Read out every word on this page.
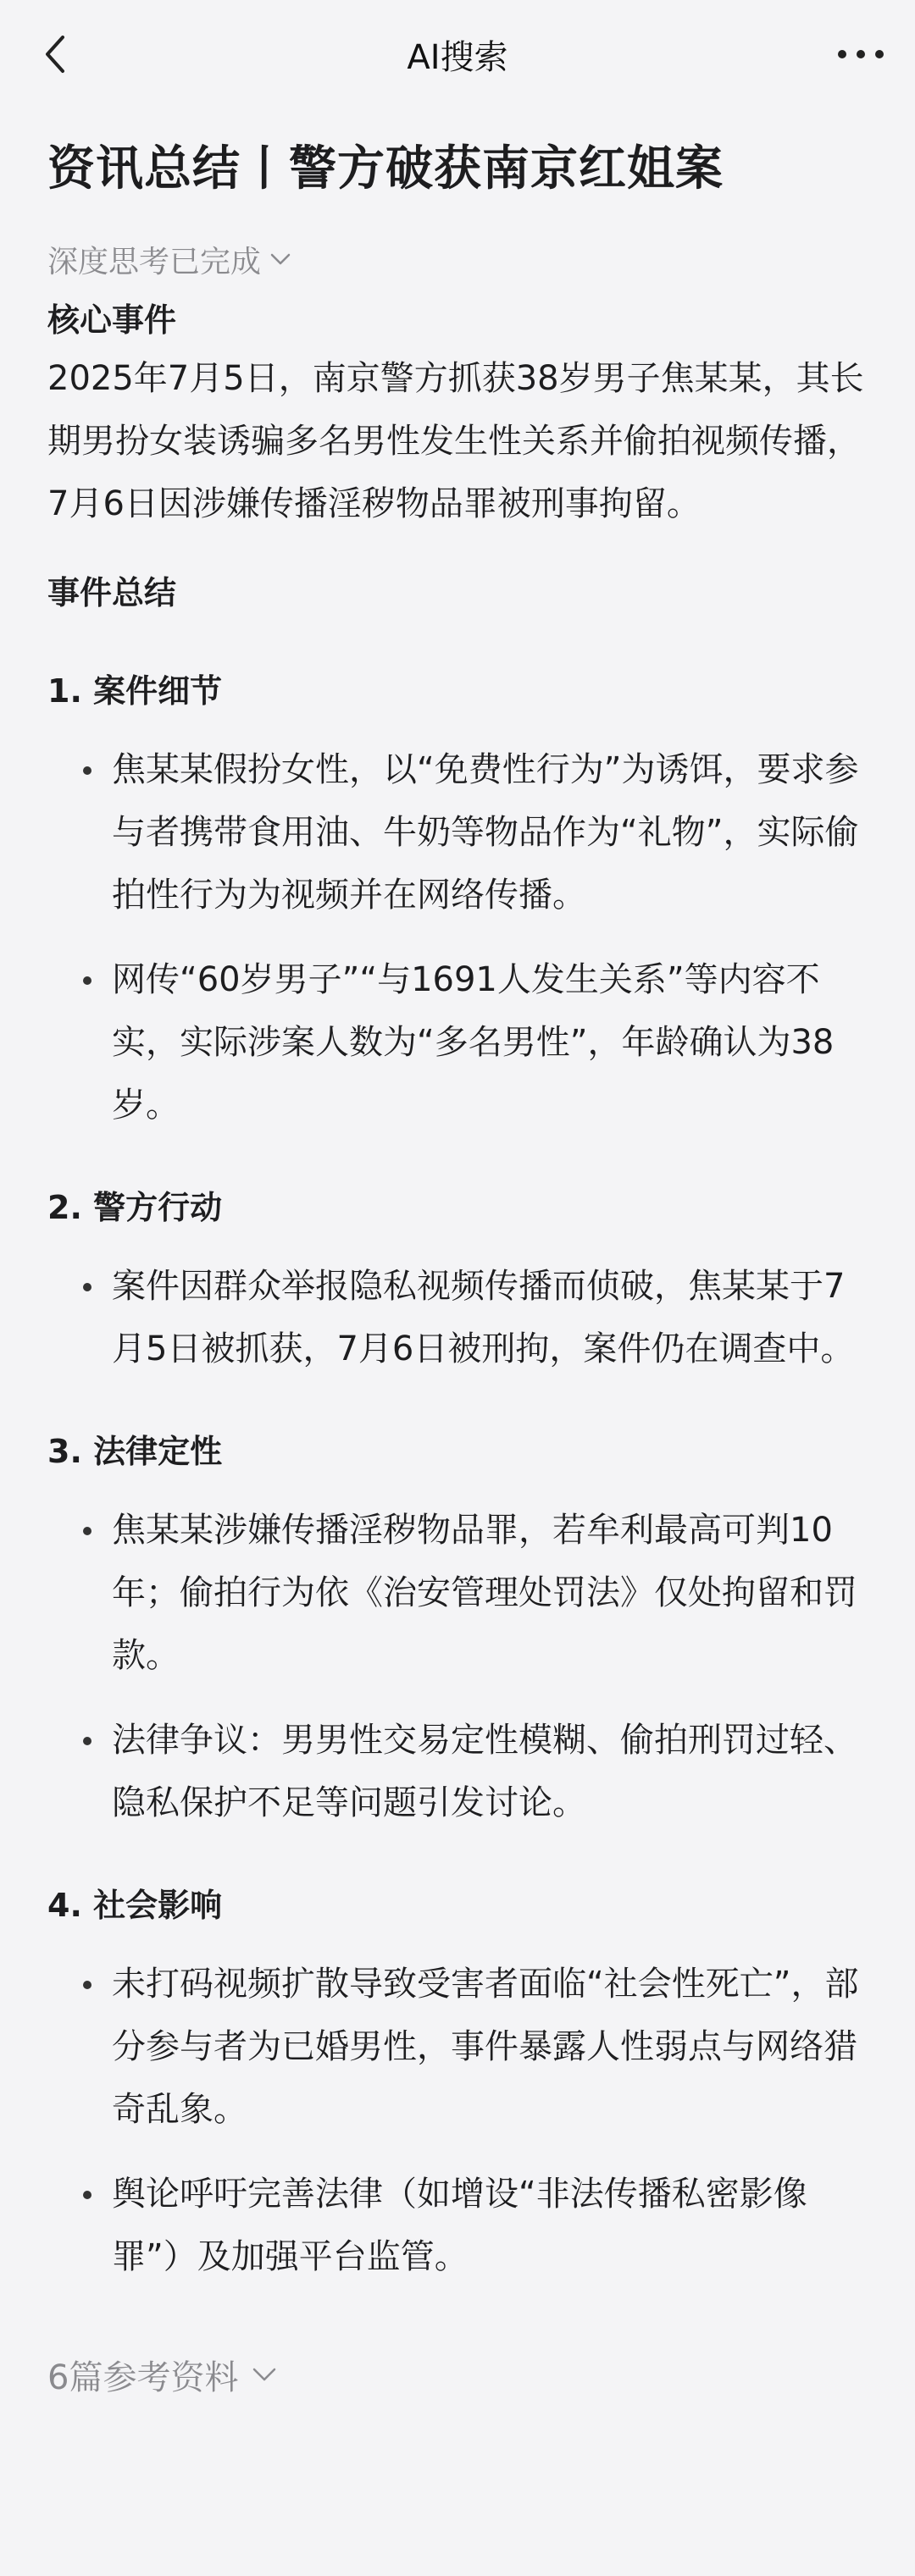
AI搜索
资讯总结丨警方破获南京红姐案
深度思考已完成
核心事件

2025年7月5日，南京警方抓获38岁男子焦某某，其长期男扮女装诱骗多名男性发生性关系并偷拍视频传播，7月6日因涉嫌传播淫秽物品罪被刑事拘留。

事件总结
1. 案件细节
焦某某假扮女性，以“免费性行为”为诱饵，要求参与者携带食用油、牛奶等物品作为“礼物”，实际偷拍性行为为视频并在网络传播。
网传“60岁男子”“与1691人发生关系”等内容不实，实际涉案人数为“多名男性”，年龄确认为38岁。
2. 警方行动
案件因群众举报隐私视频传播而侦破，焦某某于7月5日被抓获，7月6日被刑拘，案件仍在调查中。
3. 法律定性
焦某某涉嫌传播淫秽物品罪，若牟利最高可判10年；偷拍行为依《治安管理处罚法》仅处拘留和罚款。
法律争议：男男性交易定性模糊、偷拍刑罚过轻、隐私保护不足等问题引发讨论。
4. 社会影响
未打码视频扩散导致受害者面临“社会性死亡”，部分参与者为已婚男性，事件暴露人性弱点与网络猎奇乱象。
舆论呼吁完善法律（如增设“非法传播私密影像罪”）及加强平台监管。
6篇参考资料
